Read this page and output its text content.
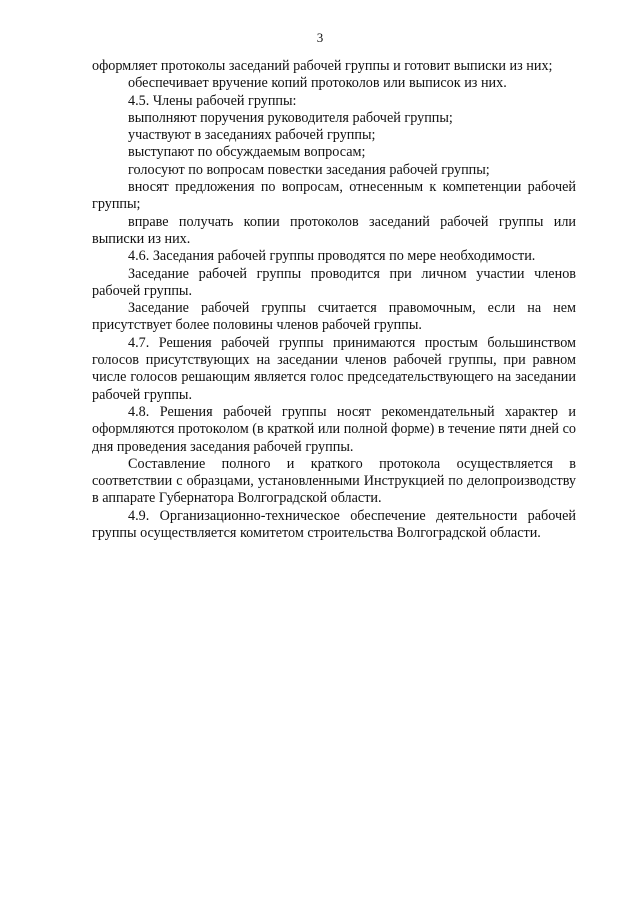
3

оформляет протоколы заседаний рабочей группы и готовит выписки из них;

обеспечивает вручение копий протоколов или выписок из них.

4.5. Члены рабочей группы:

выполняют поручения руководителя рабочей группы;

участвуют в заседаниях рабочей группы;

выступают по обсуждаемым вопросам;

голосуют по вопросам повестки заседания рабочей группы;

вносят предложения по вопросам, отнесенным к компетенции рабочей группы;

вправе получать копии протоколов заседаний рабочей группы или выписки из них.

4.6. Заседания рабочей группы проводятся по мере необходимости.

Заседание рабочей группы проводится при личном участии членов рабочей группы.

Заседание рабочей группы считается правомочным, если на нем присутствует более половины членов рабочей группы.

4.7. Решения рабочей группы принимаются простым большинством голосов присутствующих на заседании членов рабочей группы, при равном числе голосов решающим является голос председательствующего на заседании рабочей группы.

4.8. Решения рабочей группы носят рекомендательный характер и оформляются протоколом (в краткой или полной форме) в течение пяти дней со дня проведения заседания рабочей группы.

Составление полного и краткого протокола осуществляется в соответствии с образцами, установленными Инструкцией по делопроизводству в аппарате Губернатора Волгоградской области.

4.9. Организационно-техническое обеспечение деятельности рабочей группы осуществляется комитетом строительства Волгоградской области.
